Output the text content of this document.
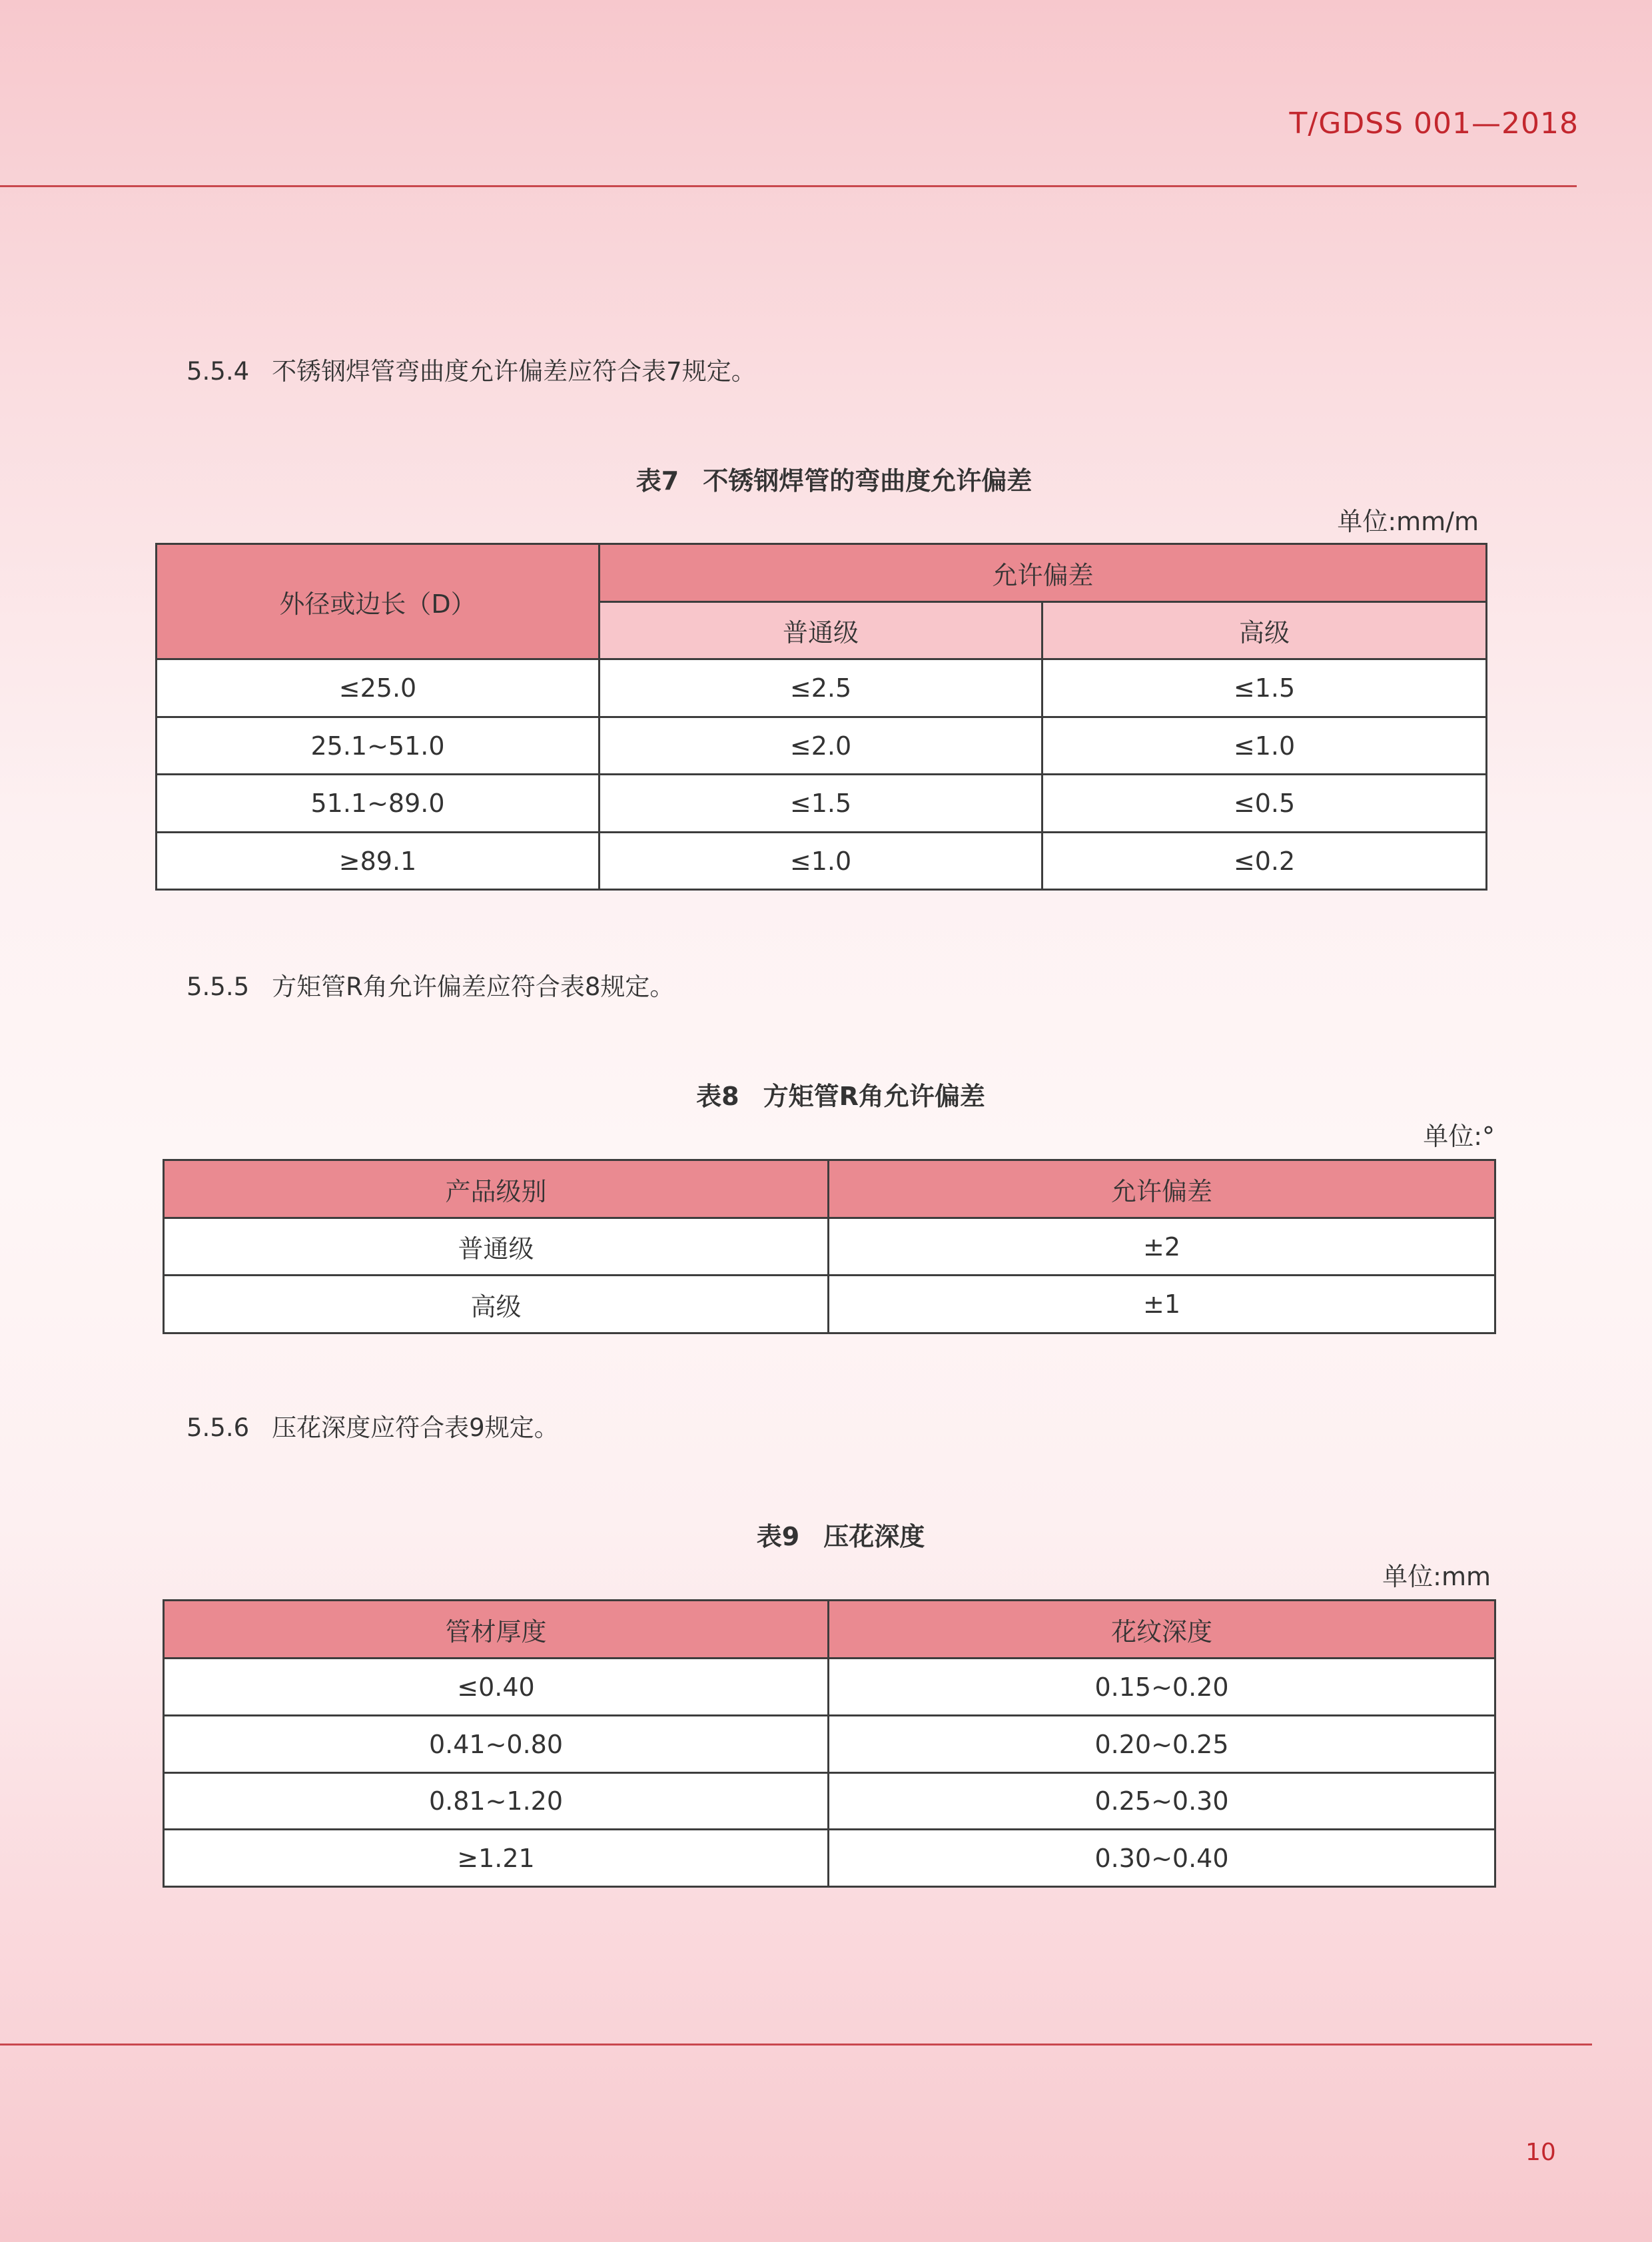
T/GDSS 001—2018
5.5.4 不锈钢焊管弯曲度允许偏差应符合表7规定。
表7 不锈钢焊管的弯曲度允许偏差
单位:mm/m
外径或边长（D）	允许偏差	
	普通级	高级
≤25.0	≤2.5	≤1.5
25.1~51.0	≤2.0	≤1.0
51.1~89.0	≤1.5	≤0.5
≥89.1	≤1.0	≤0.2
5.5.5 方矩管R角允许偏差应符合表8规定。
表8 方矩管R角允许偏差
单位:°
产品级别	允许偏差
普通级	±2
高级	±1
5.5.6 压花深度应符合表9规定。
表9 压花深度
单位:mm
管材厚度	花纹深度
≤0.40	0.15~0.20
0.41~0.80	0.20~0.25
0.81~1.20	0.25~0.30
≥1.21	0.30~0.40
10
